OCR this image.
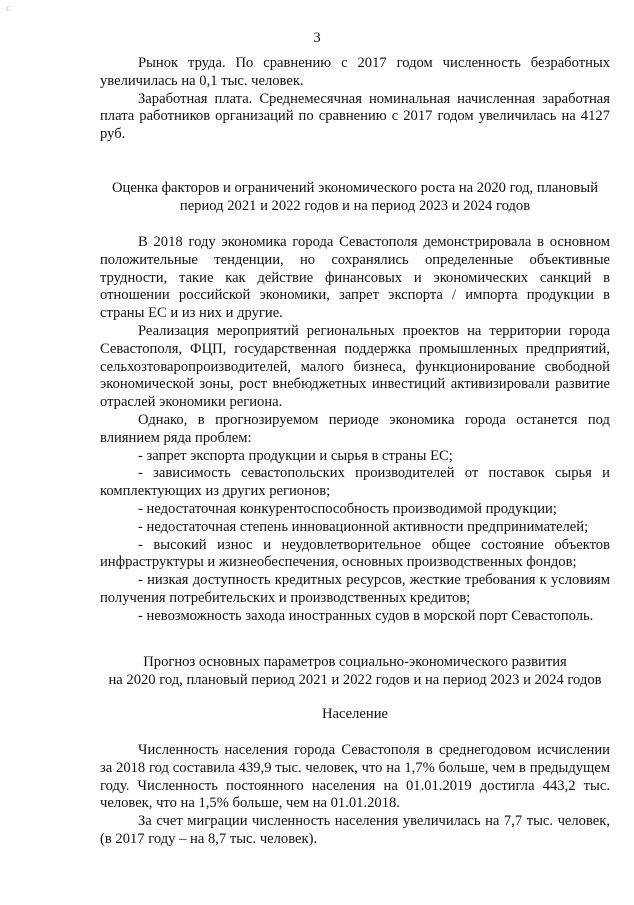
с
3

Рынок труда. По сравнению с 2017 годом численность безработных увеличилась на 0,1 тыс. человек.

Заработная плата. Среднемесячная номинальная начисленная заработная плата работников организаций по сравнению с 2017 годом увеличилась на 4127 руб.

Оценка факторов и ограничений экономического роста на 2020 год, плановый

период 2021 и 2022 годов и на период 2023 и 2024 годов

В 2018 году экономика города Севастополя демонстрировала в основном положительные тенденции, но сохранялись определенные объективные трудности, такие как действие финансовых и экономических санкций в отношении российской экономики, запрет экспорта / импорта продукции в страны ЕС и из них и другие.

Реализация мероприятий региональных проектов на территории города Севастополя, ФЦП, государственная поддержка промышленных предприятий, сельхозтоваропроизводителей, малого бизнеса, функционирование свободной экономической зоны, рост внебюджетных инвестиций активизировали развитие отраслей экономики региона.

Однако, в прогнозируемом периоде экономика города останется под влиянием ряда проблем:

- запрет экспорта продукции и сырья в страны ЕС;

- зависимость севастопольских производителей от поставок сырья и комплектующих из других регионов;

- недостаточная конкурентоспособность производимой продукции;

- недостаточная степень инновационной активности предпринимателей;

- высокий износ и неудовлетворительное общее состояние объектов инфраструктуры и жизнеобеспечения, основных производственных фондов;

- низкая доступность кредитных ресурсов, жесткие требования к условиям получения потребительских и производственных кредитов;

- невозможность захода иностранных судов в морской порт Севастополь.

Прогноз основных параметров социально-экономического развития

на 2020 год, плановый период 2021 и 2022 годов и на период 2023 и 2024 годов

Население

Численность населения города Севастополя в среднегодовом исчислении за 2018 год составила 439,9 тыс. человек, что на 1,7% больше, чем в предыдущем году. Численность постоянного населения на 01.01.2019 достигла 443,2 тыс. человек, что на 1,5% больше, чем на 01.01.2018.

За счет миграции численность населения увеличилась на 7,7 тыс. человек, (в 2017 году – на 8,7 тыс. человек).
